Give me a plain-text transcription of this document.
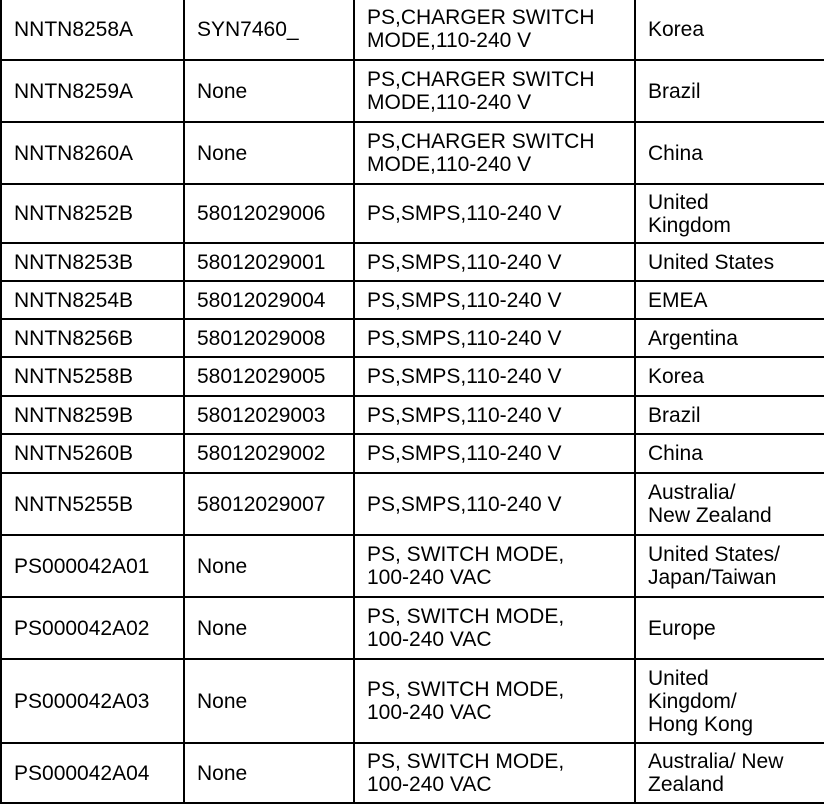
NNTN8258A	SYN7460_	PS,CHARGER SWITCH
MODE,110-240 V	Korea
NNTN8259A	None	PS,CHARGER SWITCH
MODE,110-240 V	Brazil
NNTN8260A	None	PS,CHARGER SWITCH
MODE,110-240 V	China
NNTN8252B	58012029006	PS,SMPS,110-240 V	United
Kingdom
NNTN8253B	58012029001	PS,SMPS,110-240 V	United States
NNTN8254B	58012029004	PS,SMPS,110-240 V	EMEA
NNTN8256B	58012029008	PS,SMPS,110-240 V	Argentina
NNTN5258B	58012029005	PS,SMPS,110-240 V	Korea
NNTN8259B	58012029003	PS,SMPS,110-240 V	Brazil
NNTN5260B	58012029002	PS,SMPS,110-240 V	China
NNTN5255B	58012029007	PS,SMPS,110-240 V	Australia/
New Zealand
PS000042A01	None	PS, SWITCH MODE,
100-240 VAC	United States/
Japan/Taiwan
PS000042A02	None	PS, SWITCH MODE,
100-240 VAC	Europe
PS000042A03	None	PS, SWITCH MODE,
100-240 VAC	United
Kingdom/
Hong Kong
PS000042A04	None	PS, SWITCH MODE,
100-240 VAC	Australia/ New
Zealand
